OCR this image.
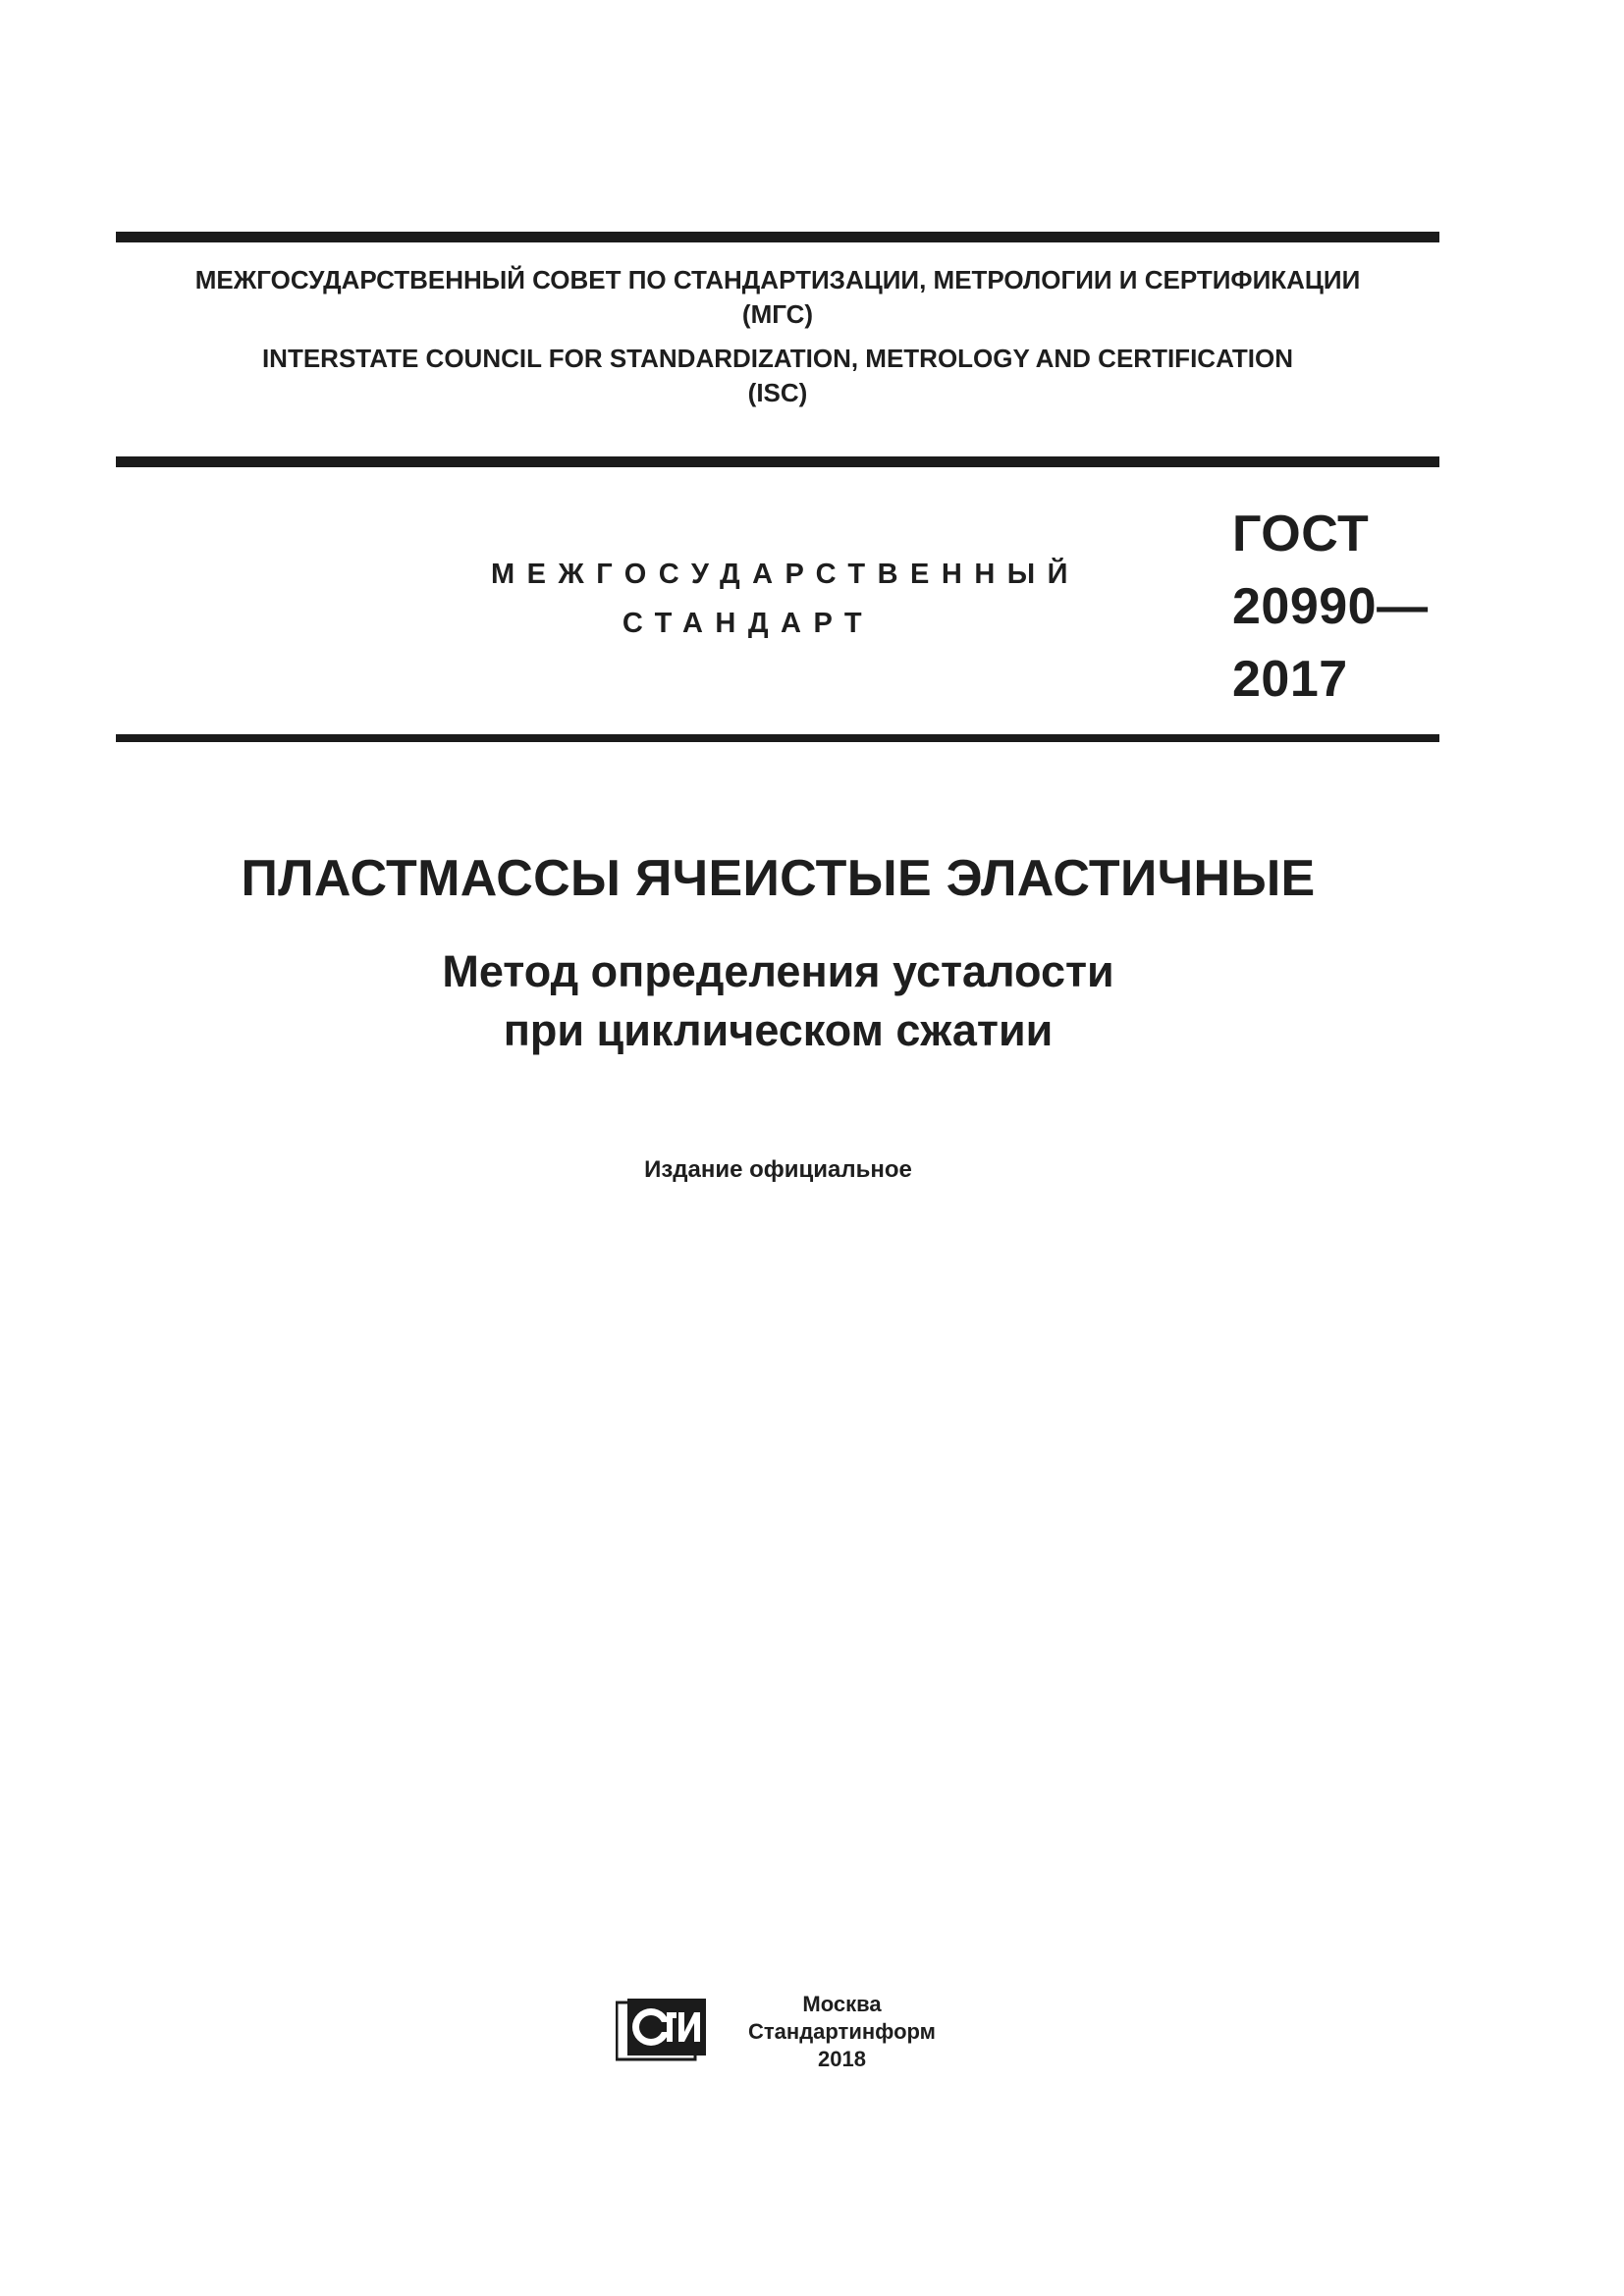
МЕЖГОСУДАРСТВЕННЫЙ СОВЕТ ПО СТАНДАРТИЗАЦИИ, МЕТРОЛОГИИ И СЕРТИФИКАЦИИ
(МГС)
INTERSTATE COUNCIL FOR STANDARDIZATION, METROLOGY AND CERTIFICATION
(ISC)
МЕЖГОСУДАРСТВЕННЫЙ
СТАНДАРТ
ГОСТ
20990—
2017
ПЛАСТМАССЫ ЯЧЕИСТЫЕ ЭЛАСТИЧНЫЕ
Метод определения усталости
при циклическом сжатии
Издание официальное
Москва
Стандартинформ
2018
